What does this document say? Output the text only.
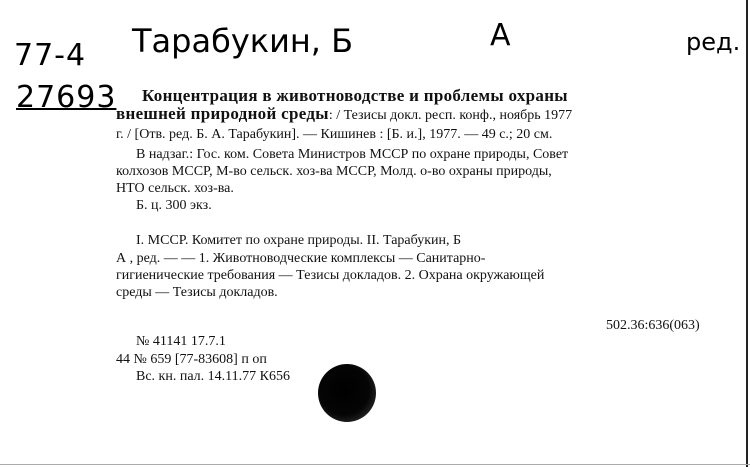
77-4
27693
Тарабукин, Б	А	ред.
Концентрация в животноводстве и проблемы охраны
внешней природной среды: / Тезисы докл. респ. конф., ноябрь 1977
г. / [Отв. ред. Б. А. Тарабукин]. — Кишинев : [Б. и.], 1977. — 49 с.; 20 см.
В надзаг.: Гос. ком. Совета Министров МССР по охране природы, Совет
колхозов МССР, М-во сельск. хоз-ва МССР, Молд. о-во охраны природы,
НТО сельск. хоз-ва.
Б. ц. 300 экз.
I. МССР. Комитет по охране природы. II. Тарабукин, Б
А , ред. — — 1. Животноводческие комплексы — Санитарно-
гигиенические требования — Тезисы докладов. 2. Охрана окружающей
среды — Тезисы докладов.
502.36:636(063)
№ 41141 17.7.1
44 № 659 [77-83608] п оп
Вс. кн. пал. 14.11.77 К656
